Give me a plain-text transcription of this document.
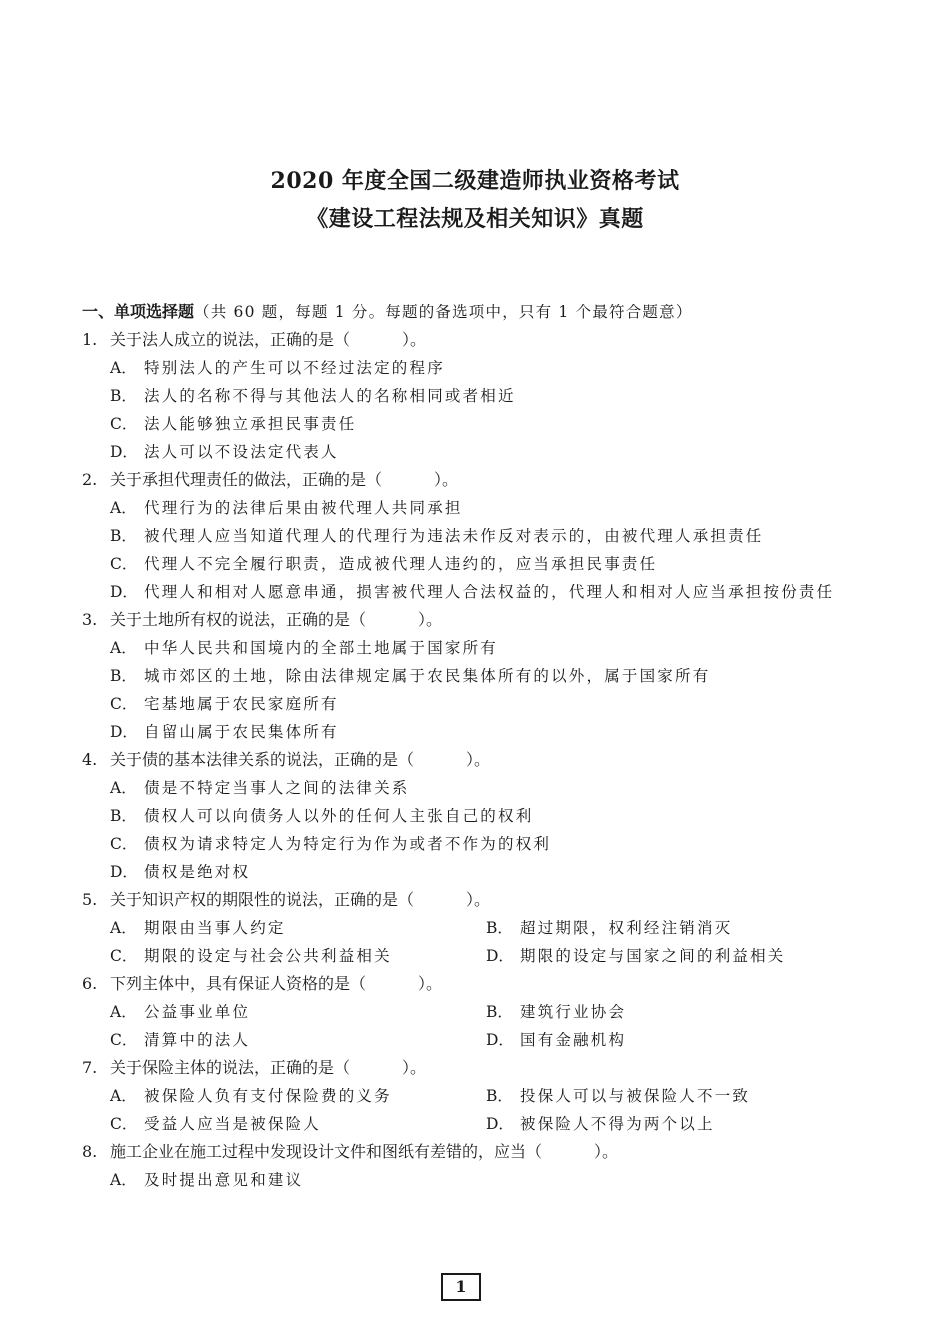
2020 年度全国二级建造师执业资格考试
《建设工程法规及相关知识》真题
一、单项选择题（共 60 题，每题 1 分。每题的备选项中，只有 1 个最符合题意）
1. 关于法人成立的说法，正确的是（	）。
A． 特别法人的产生可以不经过法定的程序
B． 法人的名称不得与其他法人的名称相同或者相近
C． 法人能够独立承担民事责任
D． 法人可以不设法定代表人
2. 关于承担代理责任的做法，正确的是（	）。
A． 代理行为的法律后果由被代理人共同承担
B． 被代理人应当知道代理人的代理行为违法未作反对表示的，由被代理人承担责任
C． 代理人不完全履行职责，造成被代理人违约的，应当承担民事责任
D． 代理人和相对人愿意串通，损害被代理人合法权益的，代理人和相对人应当承担按份责任
3. 关于土地所有权的说法，正确的是（	）。
A． 中华人民共和国境内的全部土地属于国家所有
B． 城市郊区的土地，除由法律规定属于农民集体所有的以外，属于国家所有
C． 宅基地属于农民家庭所有
D． 自留山属于农民集体所有
4. 关于债的基本法律关系的说法，正确的是（	）。
A． 债是不特定当事人之间的法律关系
B． 债权人可以向债务人以外的任何人主张自己的权利
C． 债权为请求特定人为特定行为作为或者不作为的权利
D． 债权是绝对权
5. 关于知识产权的期限性的说法，正确的是（	）。
A． 期限由当事人约定	B． 超过期限，权利经注销消灭
C． 期限的设定与社会公共利益相关	D． 期限的设定与国家之间的利益相关
6. 下列主体中，具有保证人资格的是（	）。
A． 公益事业单位	B． 建筑行业协会
C． 清算中的法人	D． 国有金融机构
7. 关于保险主体的说法，正确的是（	）。
A． 被保险人负有支付保险费的义务	B． 投保人可以与被保险人不一致
C． 受益人应当是被保险人	D． 被保险人不得为两个以上
8. 施工企业在施工过程中发现设计文件和图纸有差错的，应当（	）。
A． 及时提出意见和建议
1
